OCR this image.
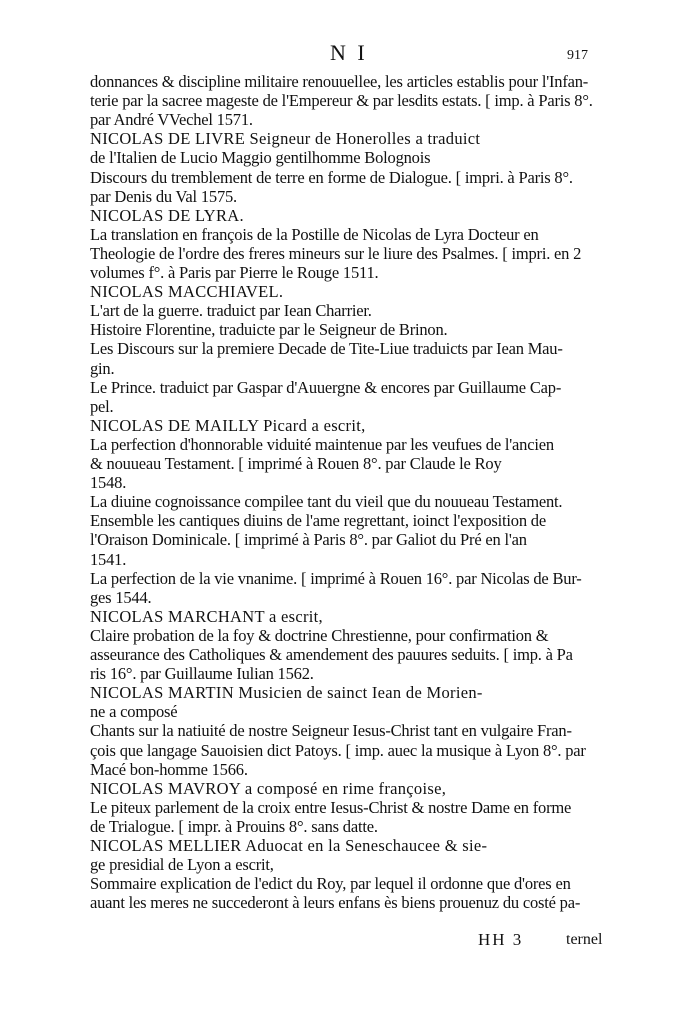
N I	917
donnances & discipline militaire renouuellee, les articles establis pour l'Infan-
terie par la sacree mageste de l'Empereur & par lesdits estats. [ imp. à Paris 8°.
par André VVechel 1571.
NICOLAS DE LIVRE Seigneur de Honerolles a traduict
de l'Italien de Lucio Maggio gentilhomme Bolognois
Discours du tremblement de terre en forme de Dialogue. [ impri. à Paris 8°.
par Denis du Val 1575.
NICOLAS DE LYRA.
La translation en françois de la Postille de Nicolas de Lyra Docteur en
Theologie de l'ordre des freres mineurs sur le liure des Psalmes. [ impri. en 2
volumes f°. à Paris par Pierre le Rouge 1511.
NICOLAS MACCHIAVEL.
L'art de la guerre. traduict par Iean Charrier.
Histoire Florentine, traduicte par le Seigneur de Brinon.
Les Discours sur la premiere Decade de Tite-Liue traduicts par Iean Mau-
gin.
Le Prince. traduict par Gaspar d'Auuergne & encores par Guillaume Cap-
pel.
NICOLAS DE MAILLY Picard a escrit,
La perfection d'honnorable viduité maintenue par les veufues de l'ancien
& nouueau Testament. [ imprimé à Rouen 8°. par Claude le Roy
1548.
La diuine cognoissance compilee tant du vieil que du nouueau Testament.
Ensemble les cantiques diuins de l'ame regrettant, ioinct l'exposition de
l'Oraison Dominicale. [ imprimé à Paris 8°. par Galiot du Pré en l'an
1541.
La perfection de la vie vnanime. [ imprimé à Rouen 16°. par Nicolas de Bur-
ges 1544.
NICOLAS MARCHANT a escrit,
Claire probation de la foy & doctrine Chrestienne, pour confirmation &
asseurance des Catholiques & amendement des pauures seduits. [ imp. à Pa
ris 16°. par Guillaume Iulian 1562.
NICOLAS MARTIN Musicien de sainct Iean de Morien-
ne a composé
Chants sur la natiuité de nostre Seigneur Iesus-Christ tant en vulgaire Fran-
çois que langage Sauoisien dict Patoys. [ imp. auec la musique à Lyon 8°. par
Macé bon-homme 1566.
NICOLAS MAVROY a composé en rime françoise,
Le piteux parlement de la croix entre Iesus-Christ & nostre Dame en forme
de Trialogue. [ impr. à Prouins 8°. sans datte.
NICOLAS MELLIER Aduocat en la Seneschaucee & sie-
ge presidial de Lyon a escrit,
Sommaire explication de l'edict du Roy, par lequel il ordonne que d'ores en
auant les meres ne succederont à leurs enfans ès biens prouenuz du costé pa-
HH 3	ternel
